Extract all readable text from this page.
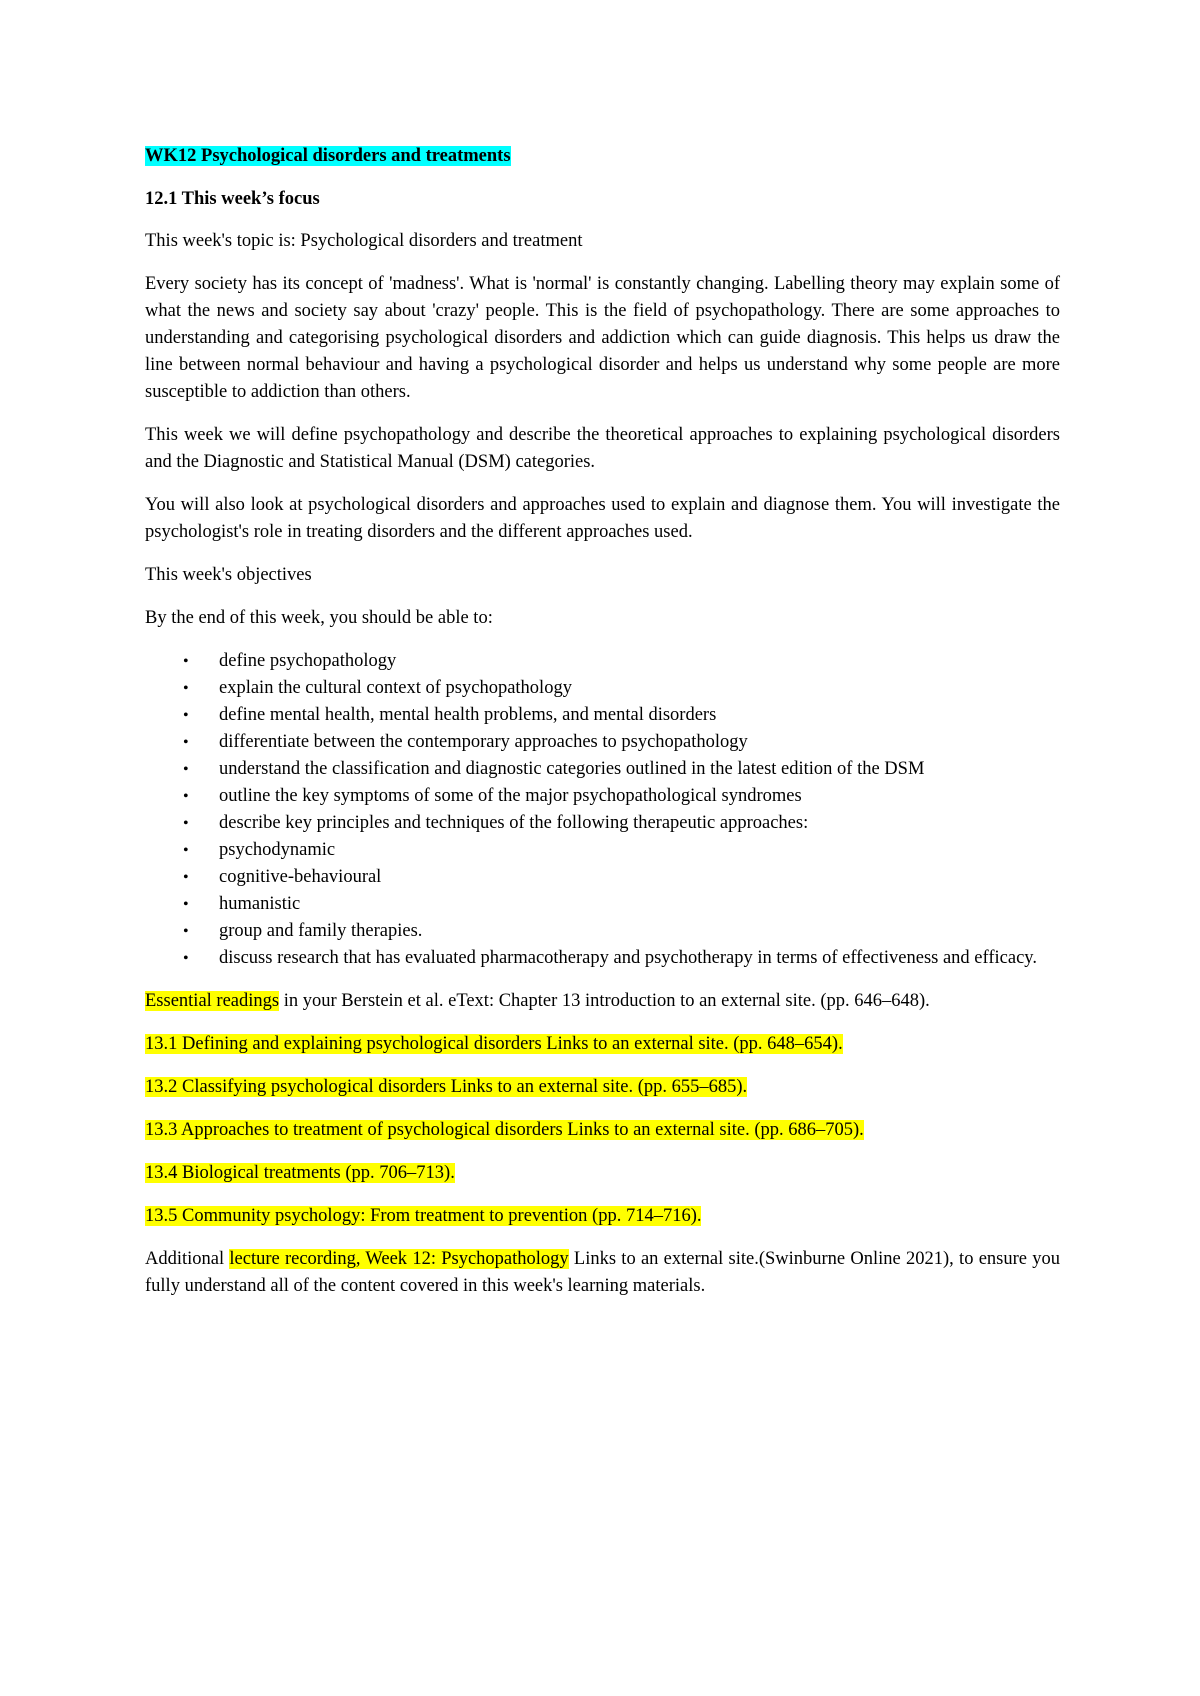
WK12 Psychological disorders and treatments

12.1 This week’s focus

This week's topic is: Psychological disorders and treatment

Every society has its concept of 'madness'. What is 'normal' is constantly changing. Labelling theory may explain some of what the news and society say about 'crazy' people. This is the field of psychopathology. There are some approaches to understanding and categorising psychological disorders and addiction which can guide diagnosis. This helps us draw the line between normal behaviour and having a psychological disorder and helps us understand why some people are more susceptible to addiction than others.

This week we will define psychopathology and describe the theoretical approaches to explaining psychological disorders and the Diagnostic and Statistical Manual (DSM) categories.

You will also look at psychological disorders and approaches used to explain and diagnose them. You will investigate the psychologist's role in treating disorders and the different approaches used.

This week's objectives

By the end of this week, you should be able to:

• define psychopathology
• explain the cultural context of psychopathology
• define mental health, mental health problems, and mental disorders
• differentiate between the contemporary approaches to psychopathology
• understand the classification and diagnostic categories outlined in the latest edition of the DSM
• outline the key symptoms of some of the major psychopathological syndromes
• describe key principles and techniques of the following therapeutic approaches:
• psychodynamic
• cognitive-behavioural
• humanistic
• group and family therapies.
• discuss research that has evaluated pharmacotherapy and psychotherapy in terms of effectiveness and efficacy.

Essential readings in your Berstein et al. eText: Chapter 13 introduction to an external site. (pp. 646–648).

13.1 Defining and explaining psychological disorders Links to an external site. (pp. 648–654).

13.2 Classifying psychological disorders Links to an external site. (pp. 655–685).

13.3 Approaches to treatment of psychological disorders Links to an external site. (pp. 686–705).

13.4 Biological treatments (pp. 706–713).

13.5 Community psychology: From treatment to prevention (pp. 714–716).

Additional lecture recording, Week 12: Psychopathology Links to an external site.(Swinburne Online 2021), to ensure you fully understand all of the content covered in this week's learning materials.
